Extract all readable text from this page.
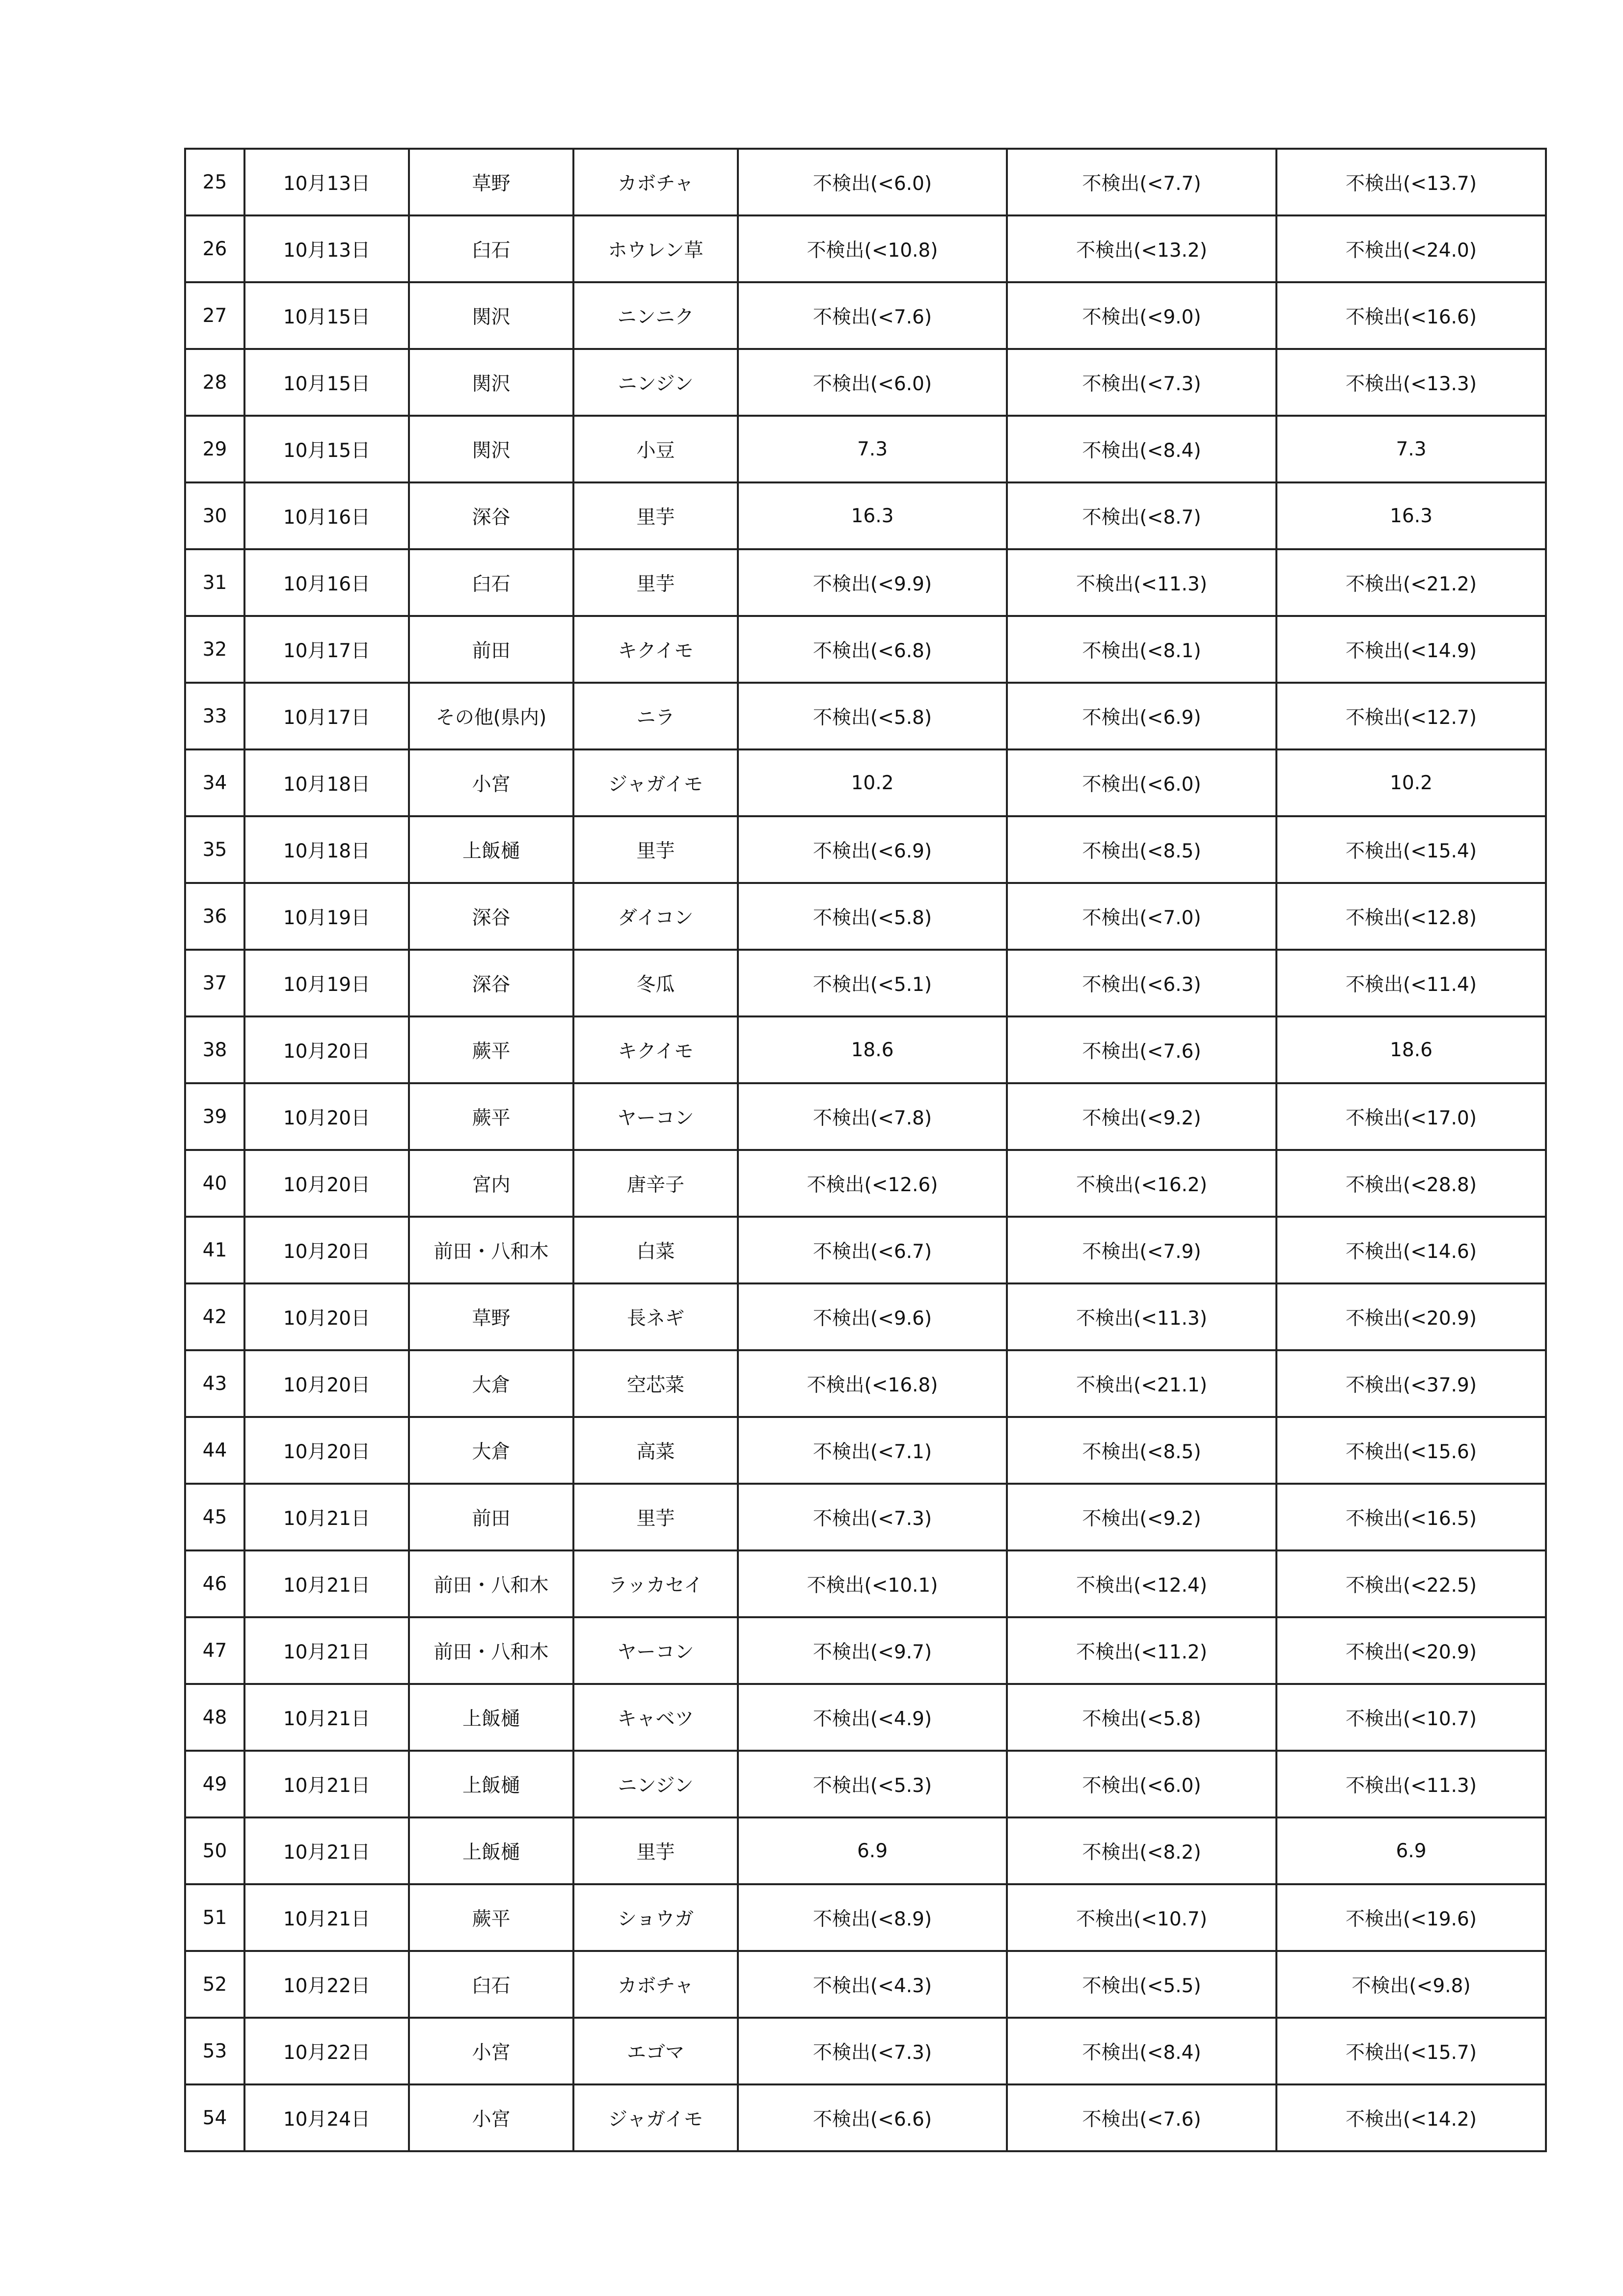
25	10月13日	草野	カボチャ	不検出(<6.0)	不検出(<7.7)	不検出(<13.7)
26	10月13日	臼石	ホウレン草	不検出(<10.8)	不検出(<13.2)	不検出(<24.0)
27	10月15日	関沢	ニンニク	不検出(<7.6)	不検出(<9.0)	不検出(<16.6)
28	10月15日	関沢	ニンジン	不検出(<6.0)	不検出(<7.3)	不検出(<13.3)
29	10月15日	関沢	小豆	7.3	不検出(<8.4)	7.3
30	10月16日	深谷	里芋	16.3	不検出(<8.7)	16.3
31	10月16日	臼石	里芋	不検出(<9.9)	不検出(<11.3)	不検出(<21.2)
32	10月17日	前田	キクイモ	不検出(<6.8)	不検出(<8.1)	不検出(<14.9)
33	10月17日	その他(県内)	ニラ	不検出(<5.8)	不検出(<6.9)	不検出(<12.7)
34	10月18日	小宮	ジャガイモ	10.2	不検出(<6.0)	10.2
35	10月18日	上飯樋	里芋	不検出(<6.9)	不検出(<8.5)	不検出(<15.4)
36	10月19日	深谷	ダイコン	不検出(<5.8)	不検出(<7.0)	不検出(<12.8)
37	10月19日	深谷	冬瓜	不検出(<5.1)	不検出(<6.3)	不検出(<11.4)
38	10月20日	蕨平	キクイモ	18.6	不検出(<7.6)	18.6
39	10月20日	蕨平	ヤーコン	不検出(<7.8)	不検出(<9.2)	不検出(<17.0)
40	10月20日	宮内	唐辛子	不検出(<12.6)	不検出(<16.2)	不検出(<28.8)
41	10月20日	前田・八和木	白菜	不検出(<6.7)	不検出(<7.9)	不検出(<14.6)
42	10月20日	草野	長ネギ	不検出(<9.6)	不検出(<11.3)	不検出(<20.9)
43	10月20日	大倉	空芯菜	不検出(<16.8)	不検出(<21.1)	不検出(<37.9)
44	10月20日	大倉	高菜	不検出(<7.1)	不検出(<8.5)	不検出(<15.6)
45	10月21日	前田	里芋	不検出(<7.3)	不検出(<9.2)	不検出(<16.5)
46	10月21日	前田・八和木	ラッカセイ	不検出(<10.1)	不検出(<12.4)	不検出(<22.5)
47	10月21日	前田・八和木	ヤーコン	不検出(<9.7)	不検出(<11.2)	不検出(<20.9)
48	10月21日	上飯樋	キャベツ	不検出(<4.9)	不検出(<5.8)	不検出(<10.7)
49	10月21日	上飯樋	ニンジン	不検出(<5.3)	不検出(<6.0)	不検出(<11.3)
50	10月21日	上飯樋	里芋	6.9	不検出(<8.2)	6.9
51	10月21日	蕨平	ショウガ	不検出(<8.9)	不検出(<10.7)	不検出(<19.6)
52	10月22日	臼石	カボチャ	不検出(<4.3)	不検出(<5.5)	不検出(<9.8)
53	10月22日	小宮	エゴマ	不検出(<7.3)	不検出(<8.4)	不検出(<15.7)
54	10月24日	小宮	ジャガイモ	不検出(<6.6)	不検出(<7.6)	不検出(<14.2)
